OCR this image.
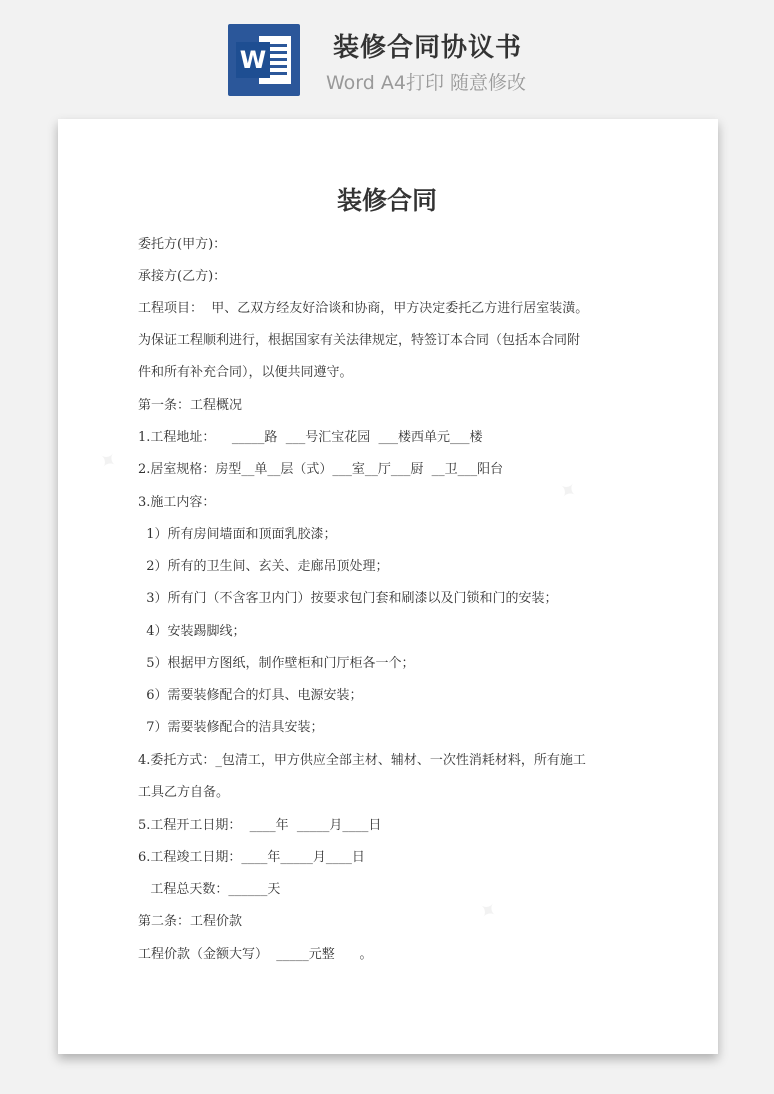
W	装修合同协议书
Word A4打印 随意修改
✦
✦
✦
装修合同
委托方(甲方)：
承接方(乙方)：
工程项目：  甲、乙双方经友好洽谈和协商，甲方决定委托乙方进行居室装潢。
为保证工程顺利进行，根据国家有关法律规定，特签订本合同（包括本合同附
件和所有补充合同），以便共同遵守。
第一条：工程概况
1.工程地址：    _____路  ___号汇宝花园  ___楼西单元___楼
2.居室规格：房型__单__层（式）___室__厅___厨  __卫___阳台
3.施工内容：
1）所有房间墙面和顶面乳胶漆；
2）所有的卫生间、玄关、走廊吊顶处理；
3）所有门（不含客卫内门）按要求包门套和刷漆以及门锁和门的安装；
4）安装踢脚线；
5）根据甲方图纸，制作壁柜和门厅柜各一个；
6）需要装修配合的灯具、电源安装；
7）需要装修配合的洁具安装；
4.委托方式：_包清工，甲方供应全部主材、辅材、一次性消耗材料，所有施工
工具乙方自备。
5.工程开工日期：  ____年  _____月____日
6.工程竣工日期：____年_____月____日
工程总天数：______天
第二条：工程价款
工程价款（金额大写）  _____元整      。
